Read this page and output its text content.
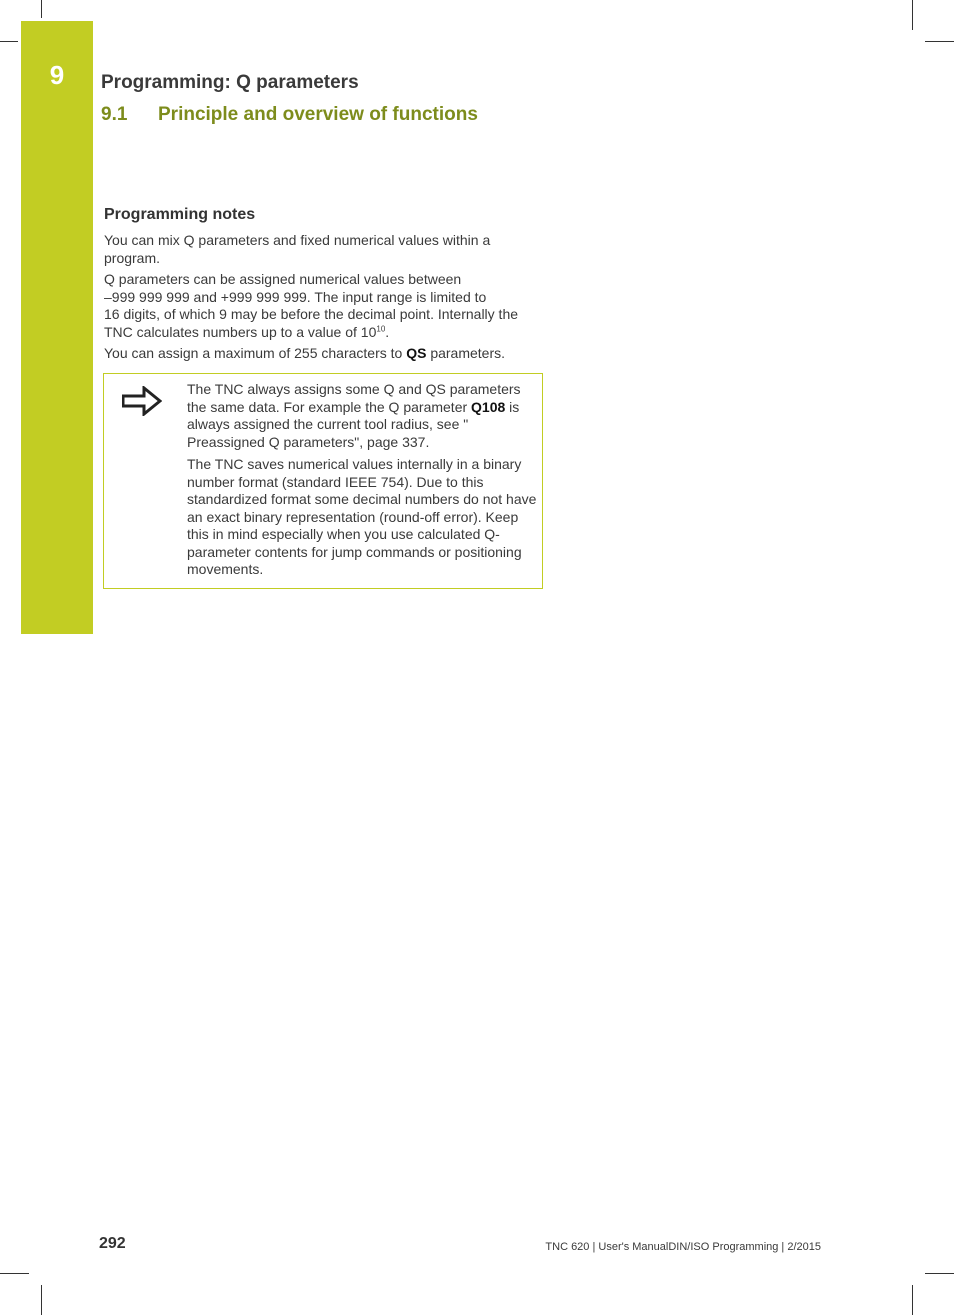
9	Programming: Q parameters
9.1 Principle and overview of functions
Programming notes

You can mix Q parameters and fixed numerical values within a program.

Q parameters can be assigned numerical values between
–999 999 999 and +999 999 999. The input range is limited to
16 digits, of which 9 may be before the decimal point. Internally the
TNC calculates numbers up to a value of $10^{10}$.

You can assign a maximum of 255 characters to QS parameters.

The TNC always assigns some Q and QS parameters the same data. For example the Q parameter Q108 is always assigned the current tool radius, see " Preassigned Q parameters", page 337.

The TNC saves numerical values internally in a binary number format (standard IEEE 754). Due to this standardized format some decimal numbers do not have an exact binary representation (round-off error). Keep this in mind especially when you use calculated Q-parameter contents for jump commands or positioning movements.

292	TNC 620 | User's ManualDIN/ISO Programming | 2/2015
